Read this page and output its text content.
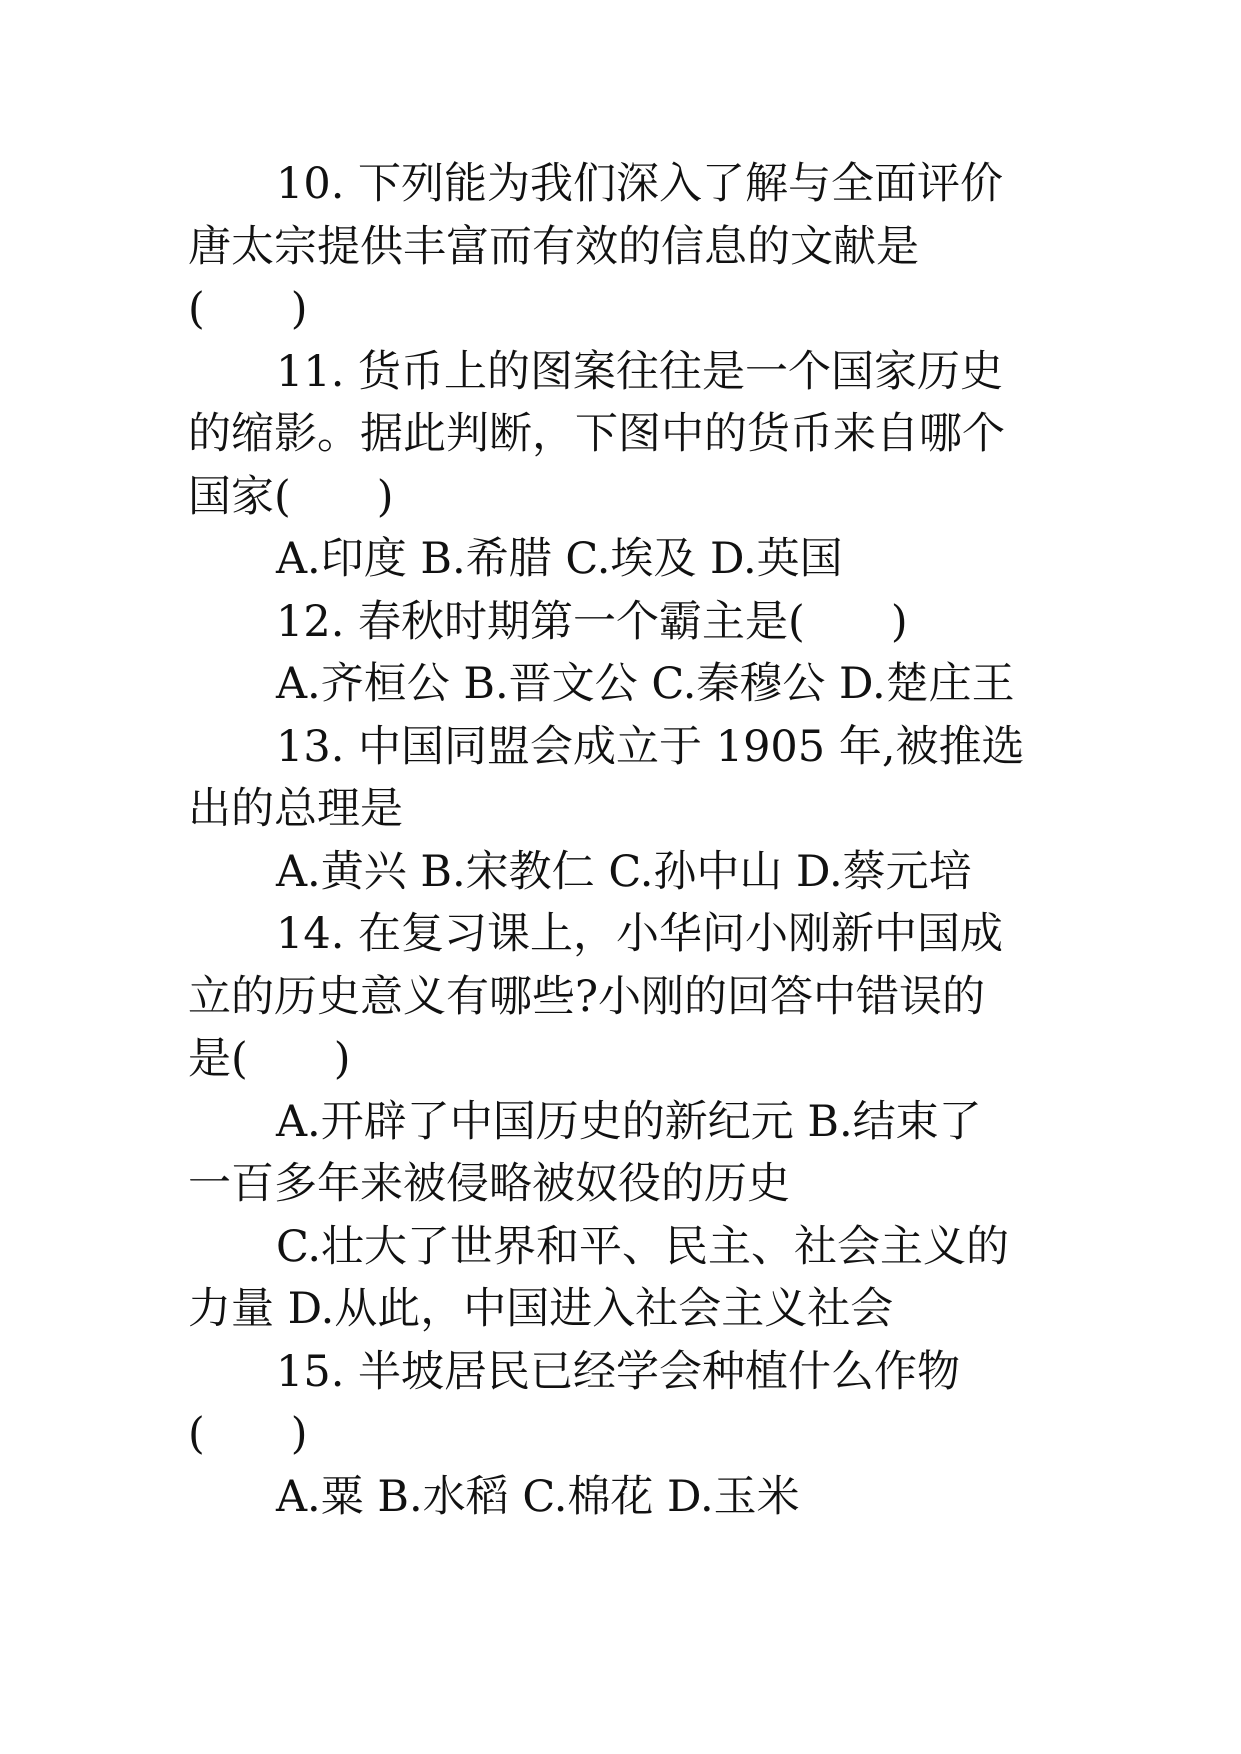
10. 下列能为我们深入了解与全面评价
唐太宗提供丰富而有效的信息的文献是
(　　)
11. 货币上的图案往往是一个国家历史
的缩影。据此判断，下图中的货币来自哪个
国家(　　)
A.印度 B.希腊 C.埃及 D.英国
12. 春秋时期第一个霸主是(　　)
A.齐桓公 B.晋文公 C.秦穆公 D.楚庄王
13. 中国同盟会成立于 1905 年,被推选
出的总理是
A.黄兴 B.宋教仁 C.孙中山 D.蔡元培
14. 在复习课上，小华问小刚新中国成
立的历史意义有哪些?小刚的回答中错误的
是(　　)
A.开辟了中国历史的新纪元 B.结束了
一百多年来被侵略被奴役的历史
C.壮大了世界和平、民主、社会主义的
力量 D.从此，中国进入社会主义社会
15. 半坡居民已经学会种植什么作物
(　　)
A.粟 B.水稻 C.棉花 D.玉米
